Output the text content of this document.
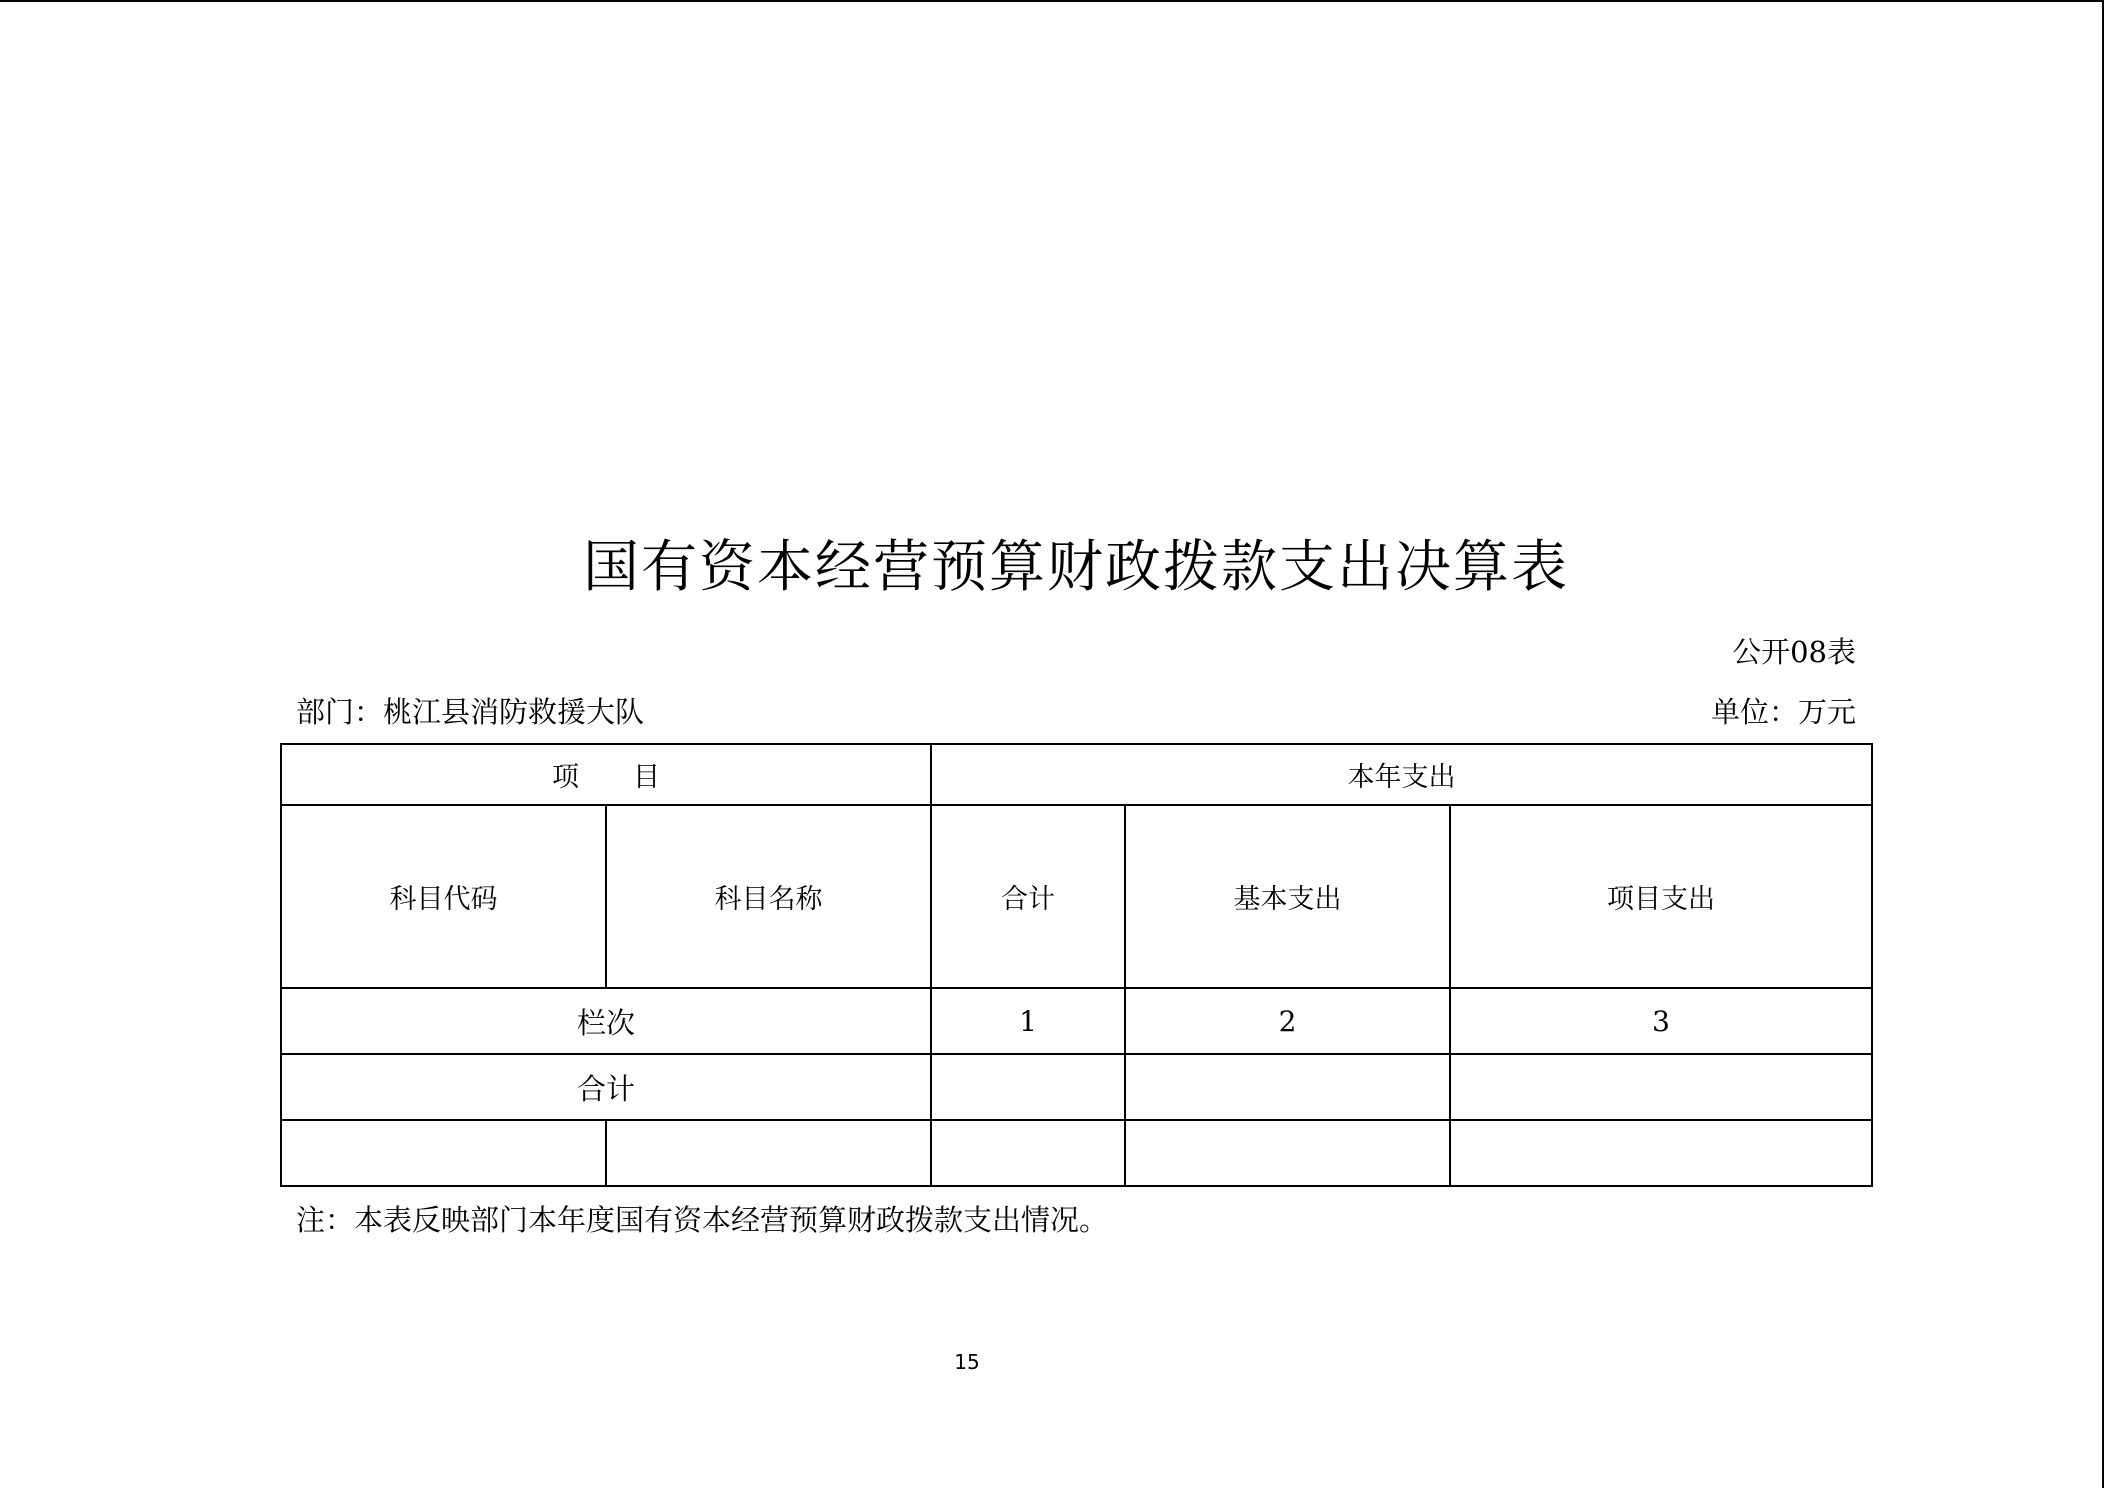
国有资本经营预算财政拨款支出决算表
公开08表
部门：桃江县消防救援大队	单位：万元
项　　目		本年支出		
科目代码	科目名称	合计	基本支出	项目支出
栏次		1	2	3
合计				

注：本表反映部门本年度国有资本经营预算财政拨款支出情况。
15
